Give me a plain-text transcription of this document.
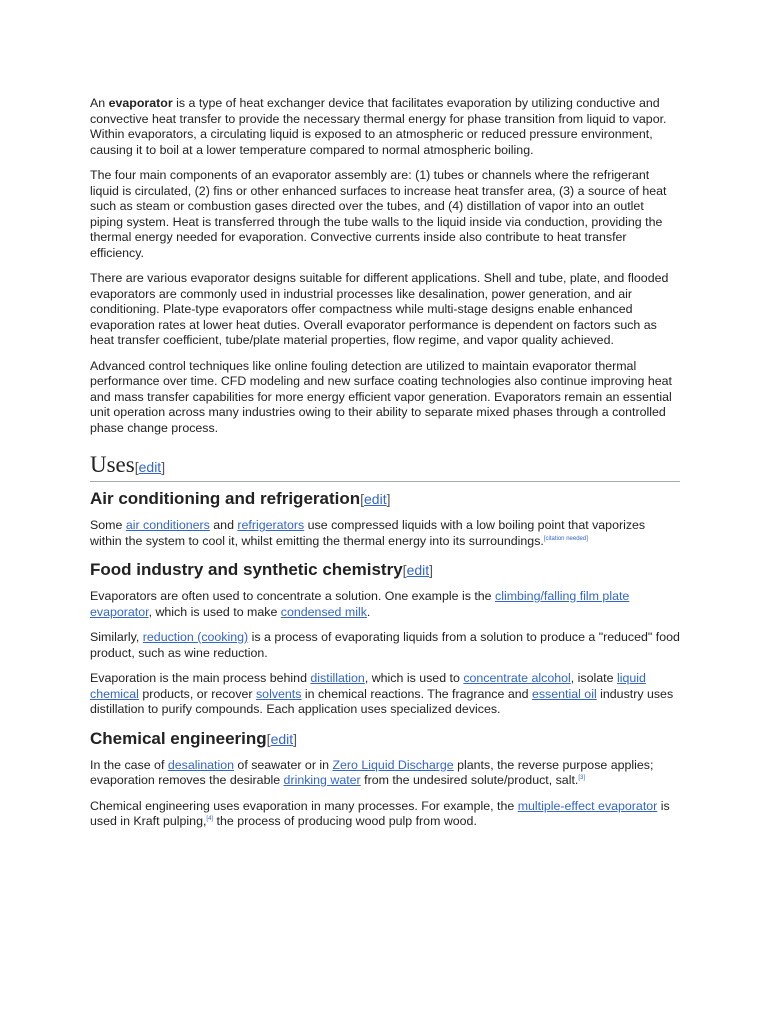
An evaporator is a type of heat exchanger device that facilitates evaporation by utilizing conductive and convective heat transfer to provide the necessary thermal energy for phase transition from liquid to vapor. Within evaporators, a circulating liquid is exposed to an atmospheric or reduced pressure environment, causing it to boil at a lower temperature compared to normal atmospheric boiling.

The four main components of an evaporator assembly are: (1) tubes or channels where the refrigerant liquid is circulated, (2) fins or other enhanced surfaces to increase heat transfer area, (3) a source of heat such as steam or combustion gases directed over the tubes, and (4) distillation of vapor into an outlet piping system. Heat is transferred through the tube walls to the liquid inside via conduction, providing the thermal energy needed for evaporation. Convective currents inside also contribute to heat transfer efficiency.

There are various evaporator designs suitable for different applications. Shell and tube, plate, and flooded evaporators are commonly used in industrial processes like desalination, power generation, and air conditioning. Plate-type evaporators offer compactness while multi-stage designs enable enhanced evaporation rates at lower heat duties. Overall evaporator performance is dependent on factors such as heat transfer coefficient, tube/plate material properties, flow regime, and vapor quality achieved.

Advanced control techniques like online fouling detection are utilized to maintain evaporator thermal performance over time. CFD modeling and new surface coating technologies also continue improving heat and mass transfer capabilities for more energy efficient vapor generation. Evaporators remain an essential unit operation across many industries owing to their ability to separate mixed phases through a controlled phase change process.

Uses[edit]
Air conditioning and refrigeration[edit]

Some air conditioners and refrigerators use compressed liquids with a low boiling point that vaporizes within the system to cool it, whilst emitting the thermal energy into its surroundings.[citation needed]

Food industry and synthetic chemistry[edit]

Evaporators are often used to concentrate a solution. One example is the climbing/falling film plate evaporator, which is used to make condensed milk.

Similarly, reduction (cooking) is a process of evaporating liquids from a solution to produce a "reduced" food product, such as wine reduction.

Evaporation is the main process behind distillation, which is used to concentrate alcohol, isolate liquid chemical products, or recover solvents in chemical reactions. The fragrance and essential oil industry uses distillation to purify compounds. Each application uses specialized devices.

Chemical engineering[edit]

In the case of desalination of seawater or in Zero Liquid Discharge plants, the reverse purpose applies; evaporation removes the desirable drinking water from the undesired solute/product, salt.[3]

Chemical engineering uses evaporation in many processes. For example, the multiple-effect evaporator is used in Kraft pulping,[4] the process of producing wood pulp from wood.
